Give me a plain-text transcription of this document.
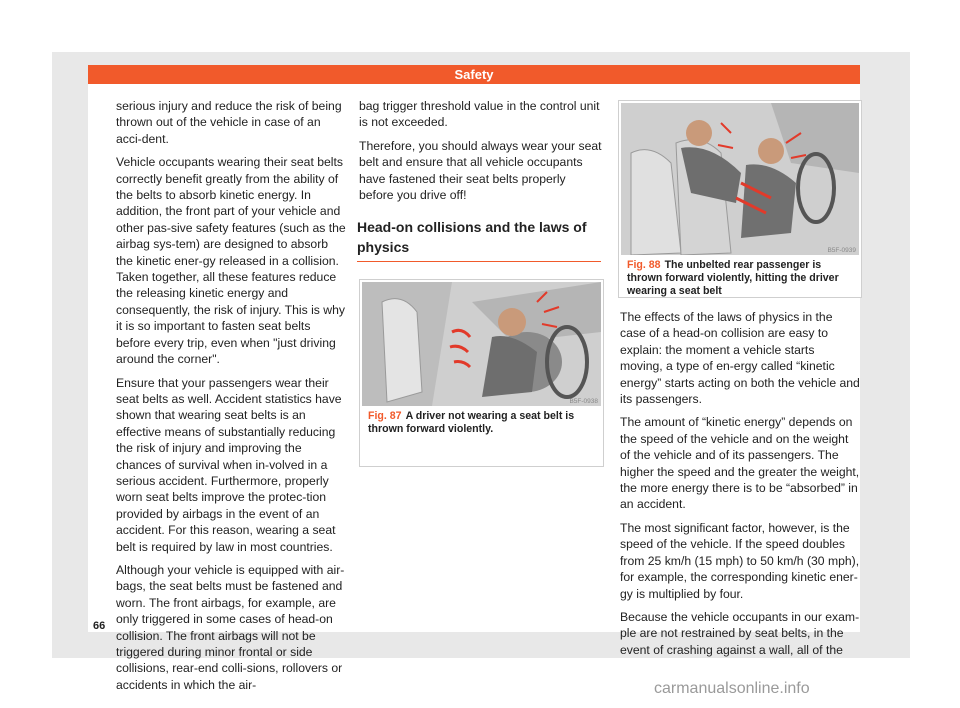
Safety

serious injury and reduce the risk of being thrown out of the vehicle in case of an acci-dent.

Vehicle occupants wearing their seat belts correctly benefit greatly from the ability of the belts to absorb kinetic energy. In addition, the front part of your vehicle and other pas-sive safety features (such as the airbag sys-tem) are designed to absorb the kinetic ener-gy released in a collision. Taken together, all these features reduce the releasing kinetic energy and consequently, the risk of injury. This is why it is so important to fasten seat belts before every trip, even when "just driving around the corner".

Ensure that your passengers wear their seat belts as well. Accident statistics have shown that wearing seat belts is an effective means of substantially reducing the risk of injury and improving the chances of survival when in-volved in a serious accident. Furthermore, properly worn seat belts improve the protec-tion provided by airbags in the event of an accident. For this reason, wearing a seat belt is required by law in most countries.

Although your vehicle is equipped with air-bags, the seat belts must be fastened and worn. The front airbags, for example, are only triggered in some cases of head-on collision. The front airbags will not be triggered during minor frontal or side collisions, rear-end colli-sions, rollovers or accidents in which the air-

bag trigger threshold value in the control unit is not exceeded.

Therefore, you should always wear your seat belt and ensure that all vehicle occupants have fastened their seat belts properly before you drive off!

Head-on collisions and the laws of physics
B5F-0938
Fig. 87 A driver not wearing a seat belt is thrown forward violently.
B5F-0939
Fig. 88 The unbelted rear passenger is thrown forward violently, hitting the driver wearing a seat belt

The effects of the laws of physics in the case of a head-on collision are easy to explain: the moment a vehicle starts moving, a type of en-ergy called “kinetic energy” starts acting on both the vehicle and its passengers.

The amount of “kinetic energy” depends on the speed of the vehicle and on the weight of the vehicle and of its passengers. The higher the speed and the greater the weight, the more energy there is to be “absorbed” in an accident.

The most significant factor, however, is the speed of the vehicle. If the speed doubles from 25 km/h (15 mph) to 50 km/h (30 mph), for example, the corresponding kinetic ener-gy is multiplied by four.

Because the vehicle occupants in our exam-ple are not restrained by seat belts, in the event of crashing against a wall, all of the

66
carmanualsonline.info
